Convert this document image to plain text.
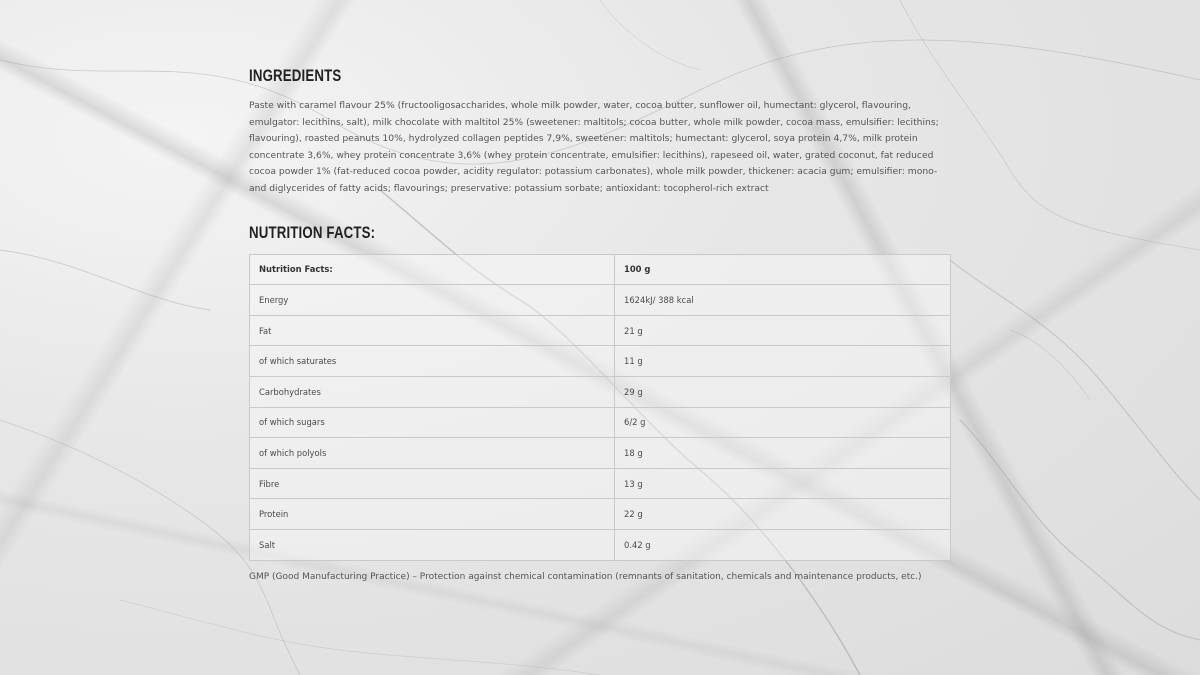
INGREDIENTS

Paste with caramel flavour 25% (fructooligosaccharides, whole milk powder, water, cocoa butter, sunflower oil, humectant: glycerol, flavouring, emulgator: lecithins, salt), milk chocolate with maltitol 25% (sweetener: maltitols; cocoa butter, whole milk powder, cocoa mass, emulsifier: lecithins; flavouring), roasted peanuts 10%, hydrolyzed collagen peptides 7,9%, sweetener: maltitols; humectant: glycerol, soya protein 4,7%, milk protein concentrate 3,6%, whey protein concentrate 3,6% (whey protein concentrate, emulsifier: lecithins), rapeseed oil, water, grated coconut, fat reduced cocoa powder 1% (fat-reduced cocoa powder, acidity regulator: potassium carbonates), whole milk powder, thickener: acacia gum; emulsifier: mono- and diglycerides of fatty acids; flavourings; preservative: potassium sorbate; antioxidant: tocopherol-rich extract

NUTRITION FACTS:
Nutrition Facts:	100 g
Energy	1624kJ/ 388 kcal
Fat	21 g
of which saturates	11 g
Carbohydrates	29 g
of which sugars	6/2 g
of which polyols	18 g
Fibre	13 g
Protein	22 g
Salt	0.42 g
GMP (Good Manufacturing Practice) – Protection against chemical contamination (remnants of sanitation, chemicals and maintenance products, etc.)
